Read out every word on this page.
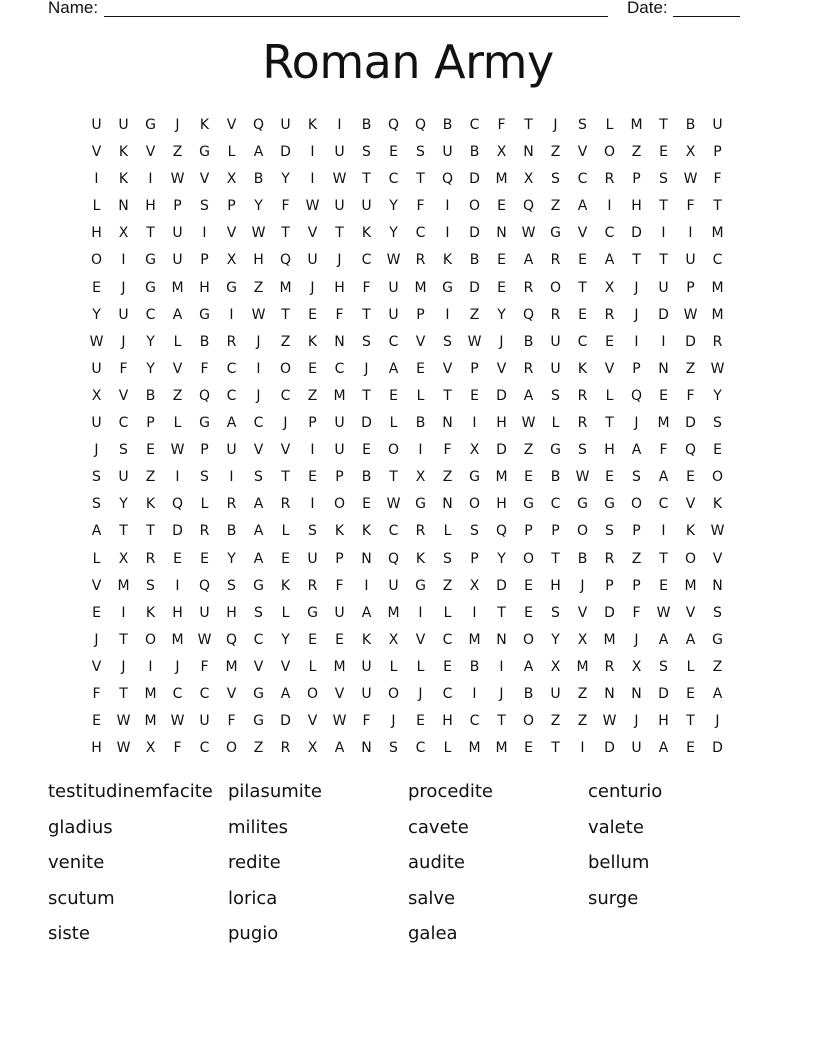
Name:	Date:
Roman Army
U	U	G	J	K	V	Q	U	K	I	B	Q	Q	B	C	F	T	J	S	L	M	T	B	U
V	K	V	Z	G	L	A	D	I	U	S	E	S	U	B	X	N	Z	V	O	Z	E	X	P
I	K	I	W	V	X	B	Y	I	W	T	C	T	Q	D	M	X	S	C	R	P	S	W	F
L	N	H	P	S	P	Y	F	W	U	U	Y	F	I	O	E	Q	Z	A	I	H	T	F	T
H	X	T	U	I	V	W	T	V	T	K	Y	C	I	D	N	W	G	V	C	D	I	I	M
O	I	G	U	P	X	H	Q	U	J	C	W	R	K	B	E	A	R	E	A	T	T	U	C
E	J	G	M	H	G	Z	M	J	H	F	U	M	G	D	E	R	O	T	X	J	U	P	M
Y	U	C	A	G	I	W	T	E	F	T	U	P	I	Z	Y	Q	R	E	R	J	D	W	M
W	J	Y	L	B	R	J	Z	K	N	S	C	V	S	W	J	B	U	C	E	I	I	D	R
U	F	Y	V	F	C	I	O	E	C	J	A	E	V	P	V	R	U	K	V	P	N	Z	W
X	V	B	Z	Q	C	J	C	Z	M	T	E	L	T	E	D	A	S	R	L	Q	E	F	Y
U	C	P	L	G	A	C	J	P	U	D	L	B	N	I	H	W	L	R	T	J	M	D	S
J	S	E	W	P	U	V	V	I	U	E	O	I	F	X	D	Z	G	S	H	A	F	Q	E
S	U	Z	I	S	I	S	T	E	P	B	T	X	Z	G	M	E	B	W	E	S	A	E	O
S	Y	K	Q	L	R	A	R	I	O	E	W	G	N	O	H	G	C	G	G	O	C	V	K
A	T	T	D	R	B	A	L	S	K	K	C	R	L	S	Q	P	P	O	S	P	I	K	W
L	X	R	E	E	Y	A	E	U	P	N	Q	K	S	P	Y	O	T	B	R	Z	T	O	V
V	M	S	I	Q	S	G	K	R	F	I	U	G	Z	X	D	E	H	J	P	P	E	M	N
E	I	K	H	U	H	S	L	G	U	A	M	I	L	I	T	E	S	V	D	F	W	V	S
J	T	O	M	W	Q	C	Y	E	E	K	X	V	C	M	N	O	Y	X	M	J	A	A	G
V	J	I	J	F	M	V	V	L	M	U	L	L	E	B	I	A	X	M	R	X	S	L	Z
F	T	M	C	C	V	G	A	O	V	U	O	J	C	I	J	B	U	Z	N	N	D	E	A
E	W	M	W	U	F	G	D	V	W	F	J	E	H	C	T	O	Z	Z	W	J	H	T	J
H	W	X	F	C	O	Z	R	X	A	N	S	C	L	M	M	E	T	I	D	U	A	E	D
testitudinemfacite pilasumite	procedite	centurio
gladius	milites	cavete	valete
venite	redite	audite	bellum
scutum	lorica	salve	surge
siste	pugio	galea
